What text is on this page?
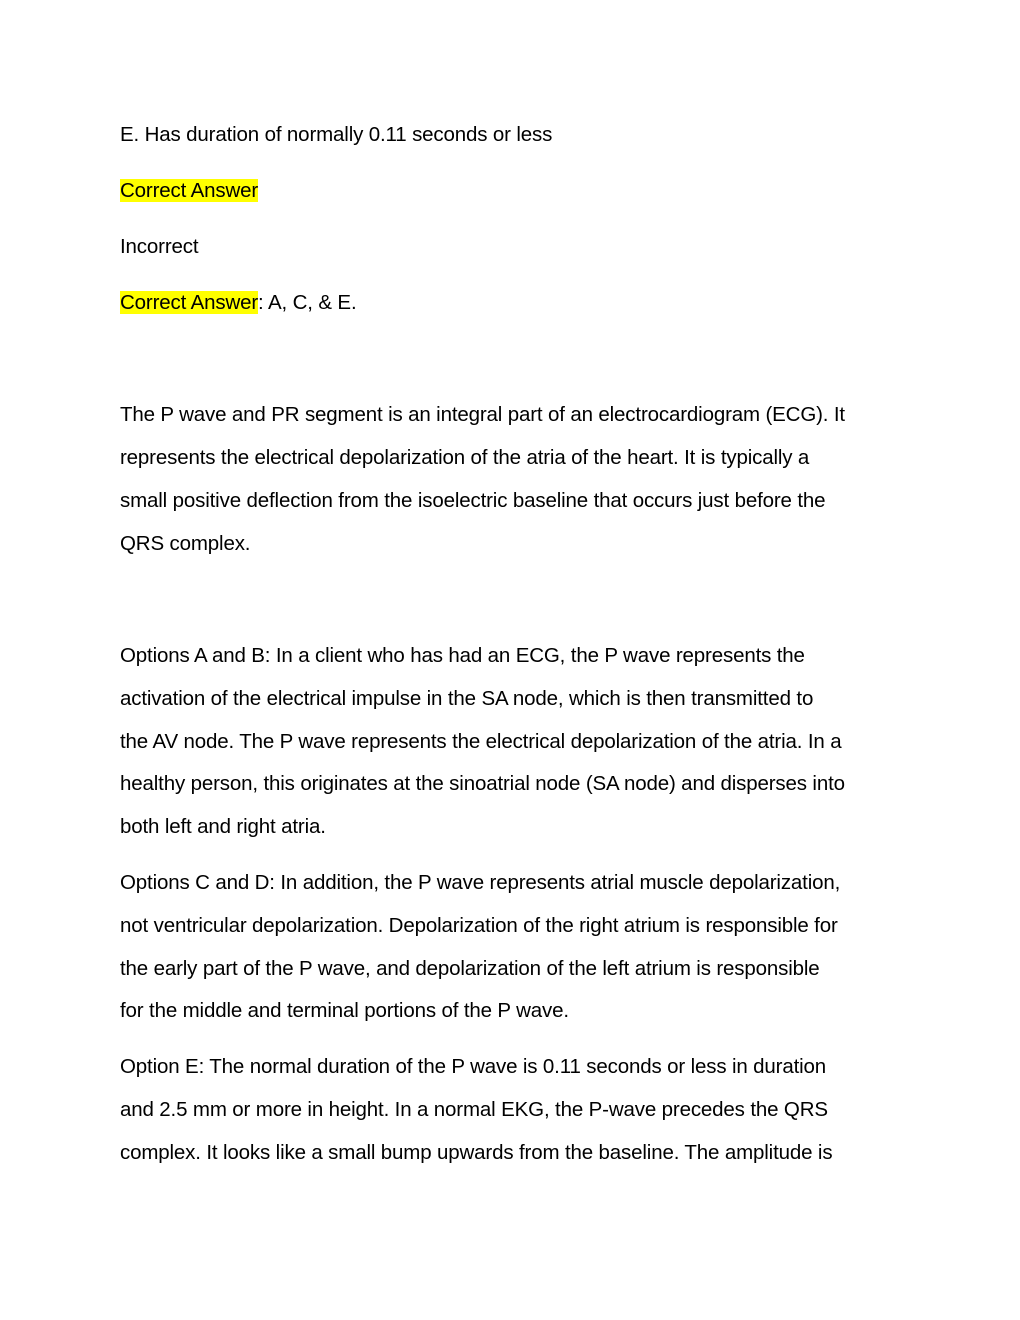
E. Has duration of normally 0.11 seconds or less
Correct Answer
Incorrect
Correct Answer: A, C, & E.
The P wave and PR segment is an integral part of an electrocardiogram (ECG). It
represents the electrical depolarization of the atria of the heart. It is typically a
small positive deflection from the isoelectric baseline that occurs just before the
QRS complex.
Options A and B: In a client who has had an ECG, the P wave represents the
activation of the electrical impulse in the SA node, which is then transmitted to
the AV node. The P wave represents the electrical depolarization of the atria. In a
healthy person, this originates at the sinoatrial node (SA node) and disperses into
both left and right atria.
Options C and D: In addition, the P wave represents atrial muscle depolarization,
not ventricular depolarization. Depolarization of the right atrium is responsible for
the early part of the P wave, and depolarization of the left atrium is responsible
for the middle and terminal portions of the P wave.
Option E: The normal duration of the P wave is 0.11 seconds or less in duration
and 2.5 mm or more in height. In a normal EKG, the P-wave precedes the QRS
complex. It looks like a small bump upwards from the baseline. The amplitude is
